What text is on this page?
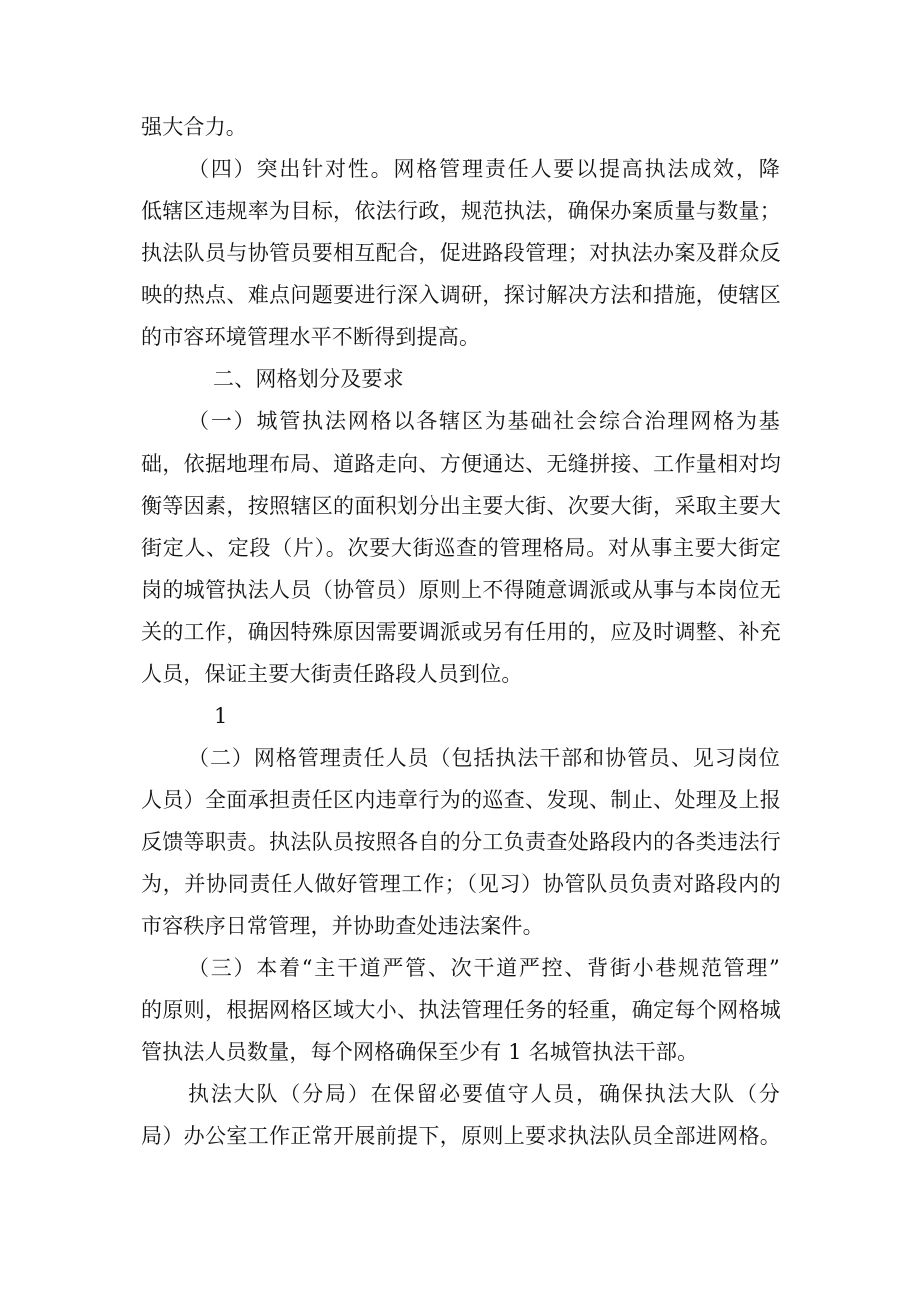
强大合力。
（四）突出针对性。网格管理责任人要以提高执法成效，降
低辖区违规率为目标，依法行政，规范执法，确保办案质量与数量；
执法队员与协管员要相互配合，促进路段管理；对执法办案及群众反
映的热点、难点问题要进行深入调研，探讨解决方法和措施，使辖区
的市容环境管理水平不断得到提高。
二、网格划分及要求
（一）城管执法网格以各辖区为基础社会综合治理网格为基
础，依据地理布局、道路走向、方便通达、无缝拼接、工作量相对均
衡等因素，按照辖区的面积划分出主要大街、次要大街，采取主要大
街定人、定段（片）。次要大街巡查的管理格局。对从事主要大街定
岗的城管执法人员（协管员）原则上不得随意调派或从事与本岗位无
关的工作，确因特殊原因需要调派或另有任用的，应及时调整、补充
人员，保证主要大街责任路段人员到位。
1
（二）网格管理责任人员（包括执法干部和协管员、见习岗位
人员）全面承担责任区内违章行为的巡查、发现、制止、处理及上报
反馈等职责。执法队员按照各自的分工负责查处路段内的各类违法行
为，并协同责任人做好管理工作；（见习）协管队员负责对路段内的
市容秩序日常管理，并协助查处违法案件。
（三）本着“主干道严管、次干道严控、背街小巷规范管理”
的原则，根据网格区域大小、执法管理任务的轻重，确定每个网格城
管执法人员数量，每个网格确保至少有 1 名城管执法干部。
执法大队（分局）在保留必要值守人员，确保执法大队（分
局）办公室工作正常开展前提下，原则上要求执法队员全部进网格。
